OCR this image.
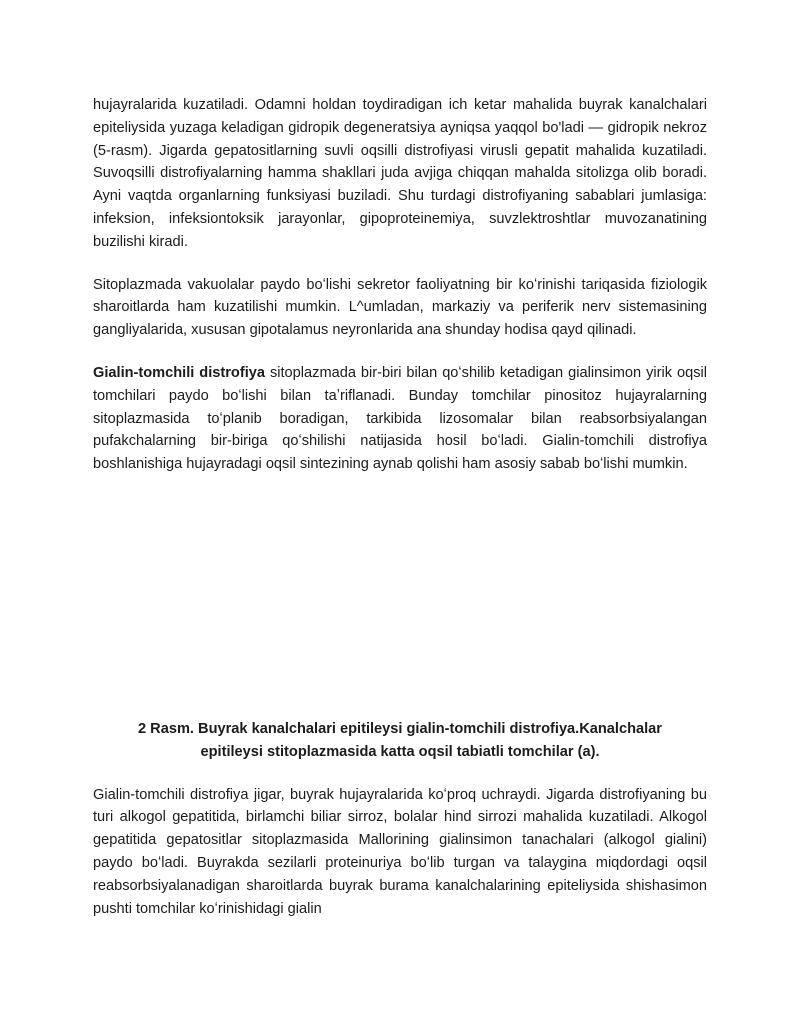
hujayralarida kuzatiladi. Odamni holdan toydiradigan ich ketar mahalida buyrak kanalchalari epiteliysida yuzaga keladigan gidropik degeneratsiya ayniqsa yaqqol bo'ladi — gidropik nekroz (5-rasm). Jigarda gepatositlarning suvli oqsilli distrofiyasi virusli gepatit mahalida kuzatiladi. Suvoqsilli distrofiyalarning hamma shakllari juda avjiga chiqqan mahalda sitolizga olib boradi. Ayni vaqtda organlarning funksiyasi buziladi. Shu turdagi distrofiyaning sabablari jumlasiga: infeksion, infeksiontoksik jarayonlar, gipoproteinemiya, suvzlektroshtlar muvozanatining buzilishi kiradi.

Sitoplazmada vakuolalar paydo boʻlishi sekretor faoliyatning bir koʻrinishi tariqasida fiziologik sharoitlarda ham kuzatilishi mumkin. L^umladan, markaziy va periferik nerv sistemasining gangliyalarida, xususan gipotalamus neyronlarida ana shunday hodisa qayd qilinadi.

Gialin-tomchili distrofiya sitoplazmada bir-biri bilan qoʻshilib ketadigan gialinsimon yirik oqsil tomchilari paydo boʻlishi bilan taʼriflanadi. Bunday tomchilar pinositoz hujayralarning sitoplazmasida toʻplanib boradigan, tarkibida lizosomalar bilan reabsorbsiyalangan pufakchalarning bir-biriga qoʻshilishi natijasida hosil boʻladi. Gialin-tomchili distrofiya boshlanishiga hujayradagi oqsil sintezining aynab qolishi ham asosiy sabab boʻlishi mumkin.

2 Rasm. Buyrak kanalchalari epitileysi gialin-tomchili distrofiya.Kanalchalar
epitileysi stitoplazmasida katta oqsil tabiatli tomchilar (a).

Gialin-tomchili distrofiya jigar, buyrak hujayralarida koʻproq uchraydi. Jigarda distrofiyaning bu turi alkogol gepatitida, birlamchi biliar sirroz, bolalar hind sirrozi mahalida kuzatiladi. Alkogol gepatitida gepatositlar sitoplazmasida Mallorining gialinsimon tanachalari (alkogol gialini) paydo boʻladi. Buyrakda sezilarli proteinuriya boʻlib turgan va talaygina miqdordagi oqsil reabsorbsiyalanadigan sharoitlarda buyrak burama kanalchalarining epiteliysida shishasimon pushti tomchilar koʻrinishidagi gialin
